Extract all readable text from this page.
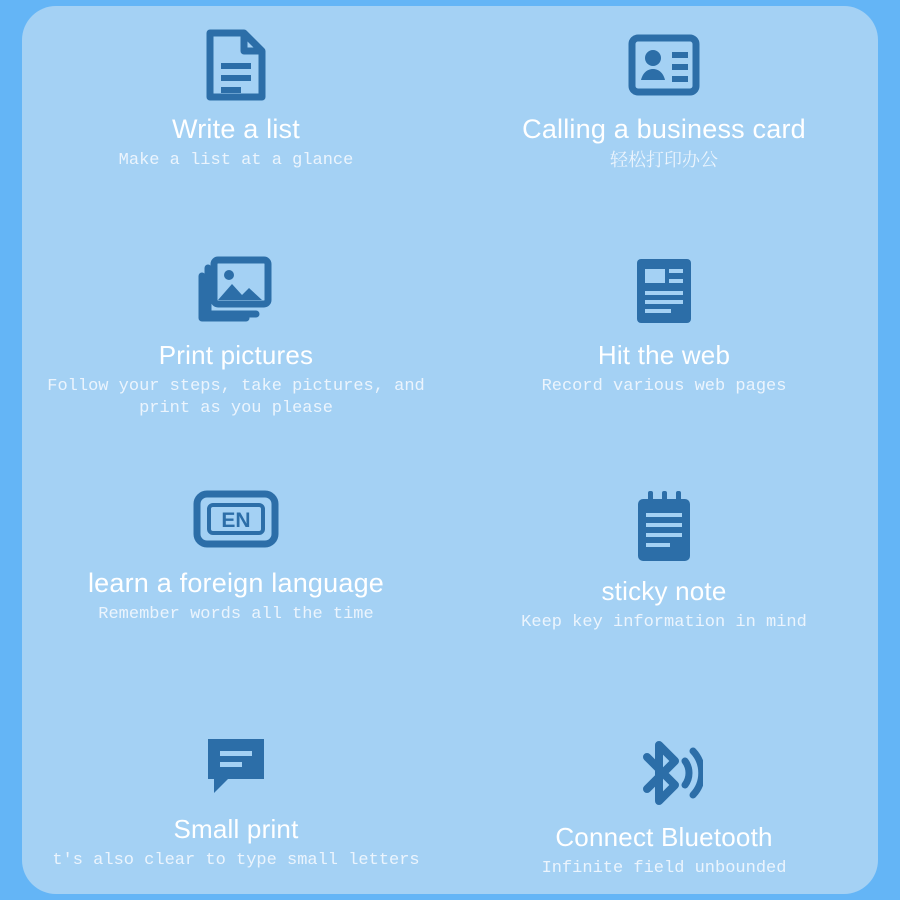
Write a list
Make a list at a glance
Calling a business card
轻松打印办公
Print pictures
Follow your steps, take pictures, and print as you please
Hit the web
Record various web pages
EN
learn a foreign language
Remember words all the time
sticky note
Keep key information in mind
Small print
t's also clear to type small letters
Connect Bluetooth
Infinite field unbounded
